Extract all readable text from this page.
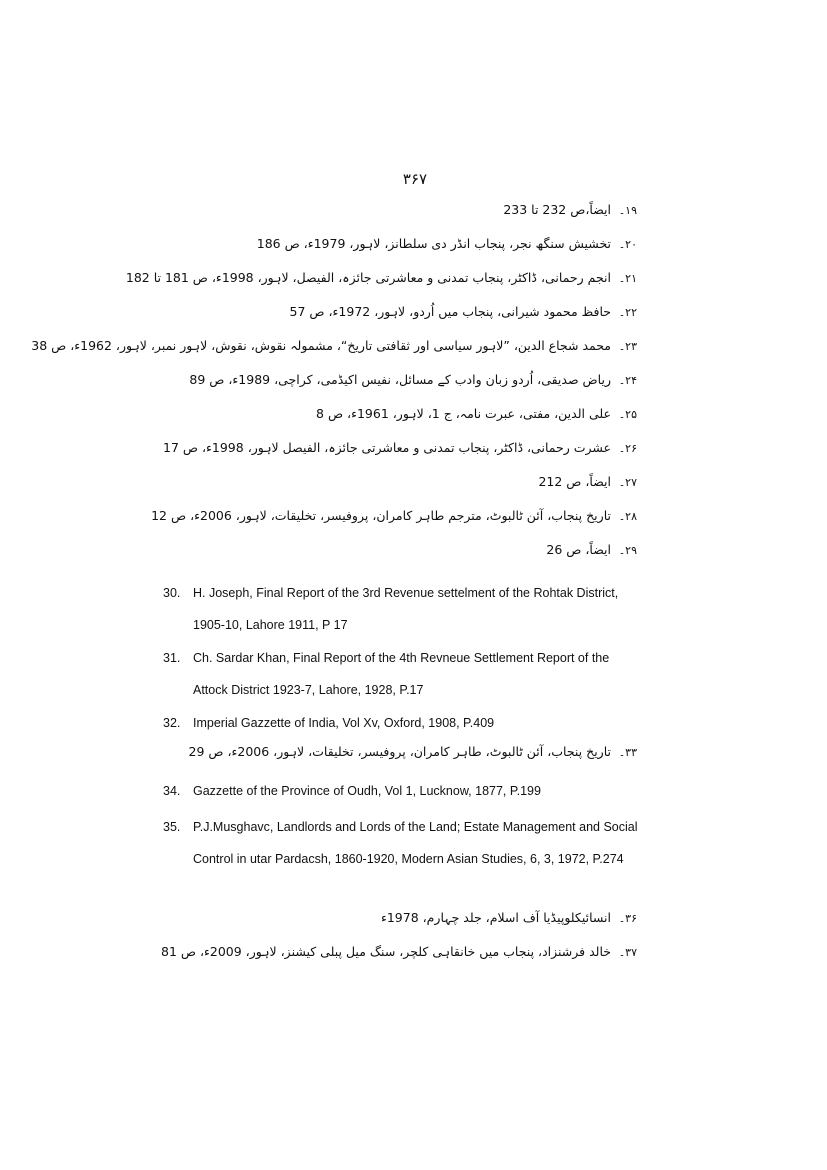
۳۶۷
۱۹۔ایضاً،ص 232 تا 233
۲۰۔تخشیش سنگھ نجر، پنجاب انڈر دی سلطانز، لاہور، 1979ء، ص 186
۲۱۔انجم رحمانی، ڈاکٹر، پنجاب تمدنی و معاشرتی جائزہ، الفیصل، لاہور، 1998ء، ص 181 تا 182
۲۲۔حافظ محمود شیرانی، پنجاب میں اُردو، لاہور، 1972ء، ص 57
۲۳۔محمد شجاع الدین، ”لاہور سیاسی اور ثقافتی تاریخ“، مشمولہ نقوش، نقوش، لاہور نمبر، لاہور، 1962ء، ص 38
۲۴۔ریاض صدیقی، اُردو زبان وادب کے مسائل، نفیس اکیڈمی، کراچی، 1989ء، ص 89
۲۵۔علی الدین، مفتی، عبرت نامہ، ج 1، لاہور، 1961ء، ص 8
۲۶۔عشرت رحمانی، ڈاکٹر، پنجاب تمدنی و معاشرتی جائزہ، الفیصل لاہور، 1998ء، ص 17
۲۷۔ایضاً، ص 212
۲۸۔تاریخ پنجاب، آئن ٹالبوٹ، مترجم طاہر کامران، پروفیسر، تخلیقات، لاہور، 2006ء، ص 12
۲۹۔ایضاً، ص 26
30.	H. Joseph, Final Report of the 3rd Revenue settelment of the Rohtak District, 1905-10, Lahore 1911, P 17
31.	Ch. Sardar Khan, Final Report of the 4th Revneue Settlement Report of the Attock District 1923-7, Lahore, 1928, P.17
32.	Imperial Gazzette of India, Vol Xv, Oxford, 1908, P.409
۳۳۔تاریخ پنجاب، آئن ٹالبوٹ، طاہر کامران، پروفیسر، تخلیقات، لاہور، 2006ء، ص 29
34.	Gazzette of the Province of Oudh, Vol 1, Lucknow, 1877, P.199
35.	P.J.Musghavc, Landlords and Lords of the Land; Estate Management and Social Control in utar Pardacsh, 1860-1920, Modern Asian Studies, 6, 3, 1972, P.274
۳۶۔انسائیکلوپیڈیا آف اسلام، جلد چہارم، 1978ء
۳۷۔خالد فرشنزاد، پنجاب میں خانقاہی کلچر، سنگ میل پبلی کیشنز، لاہور، 2009ء، ص 81
